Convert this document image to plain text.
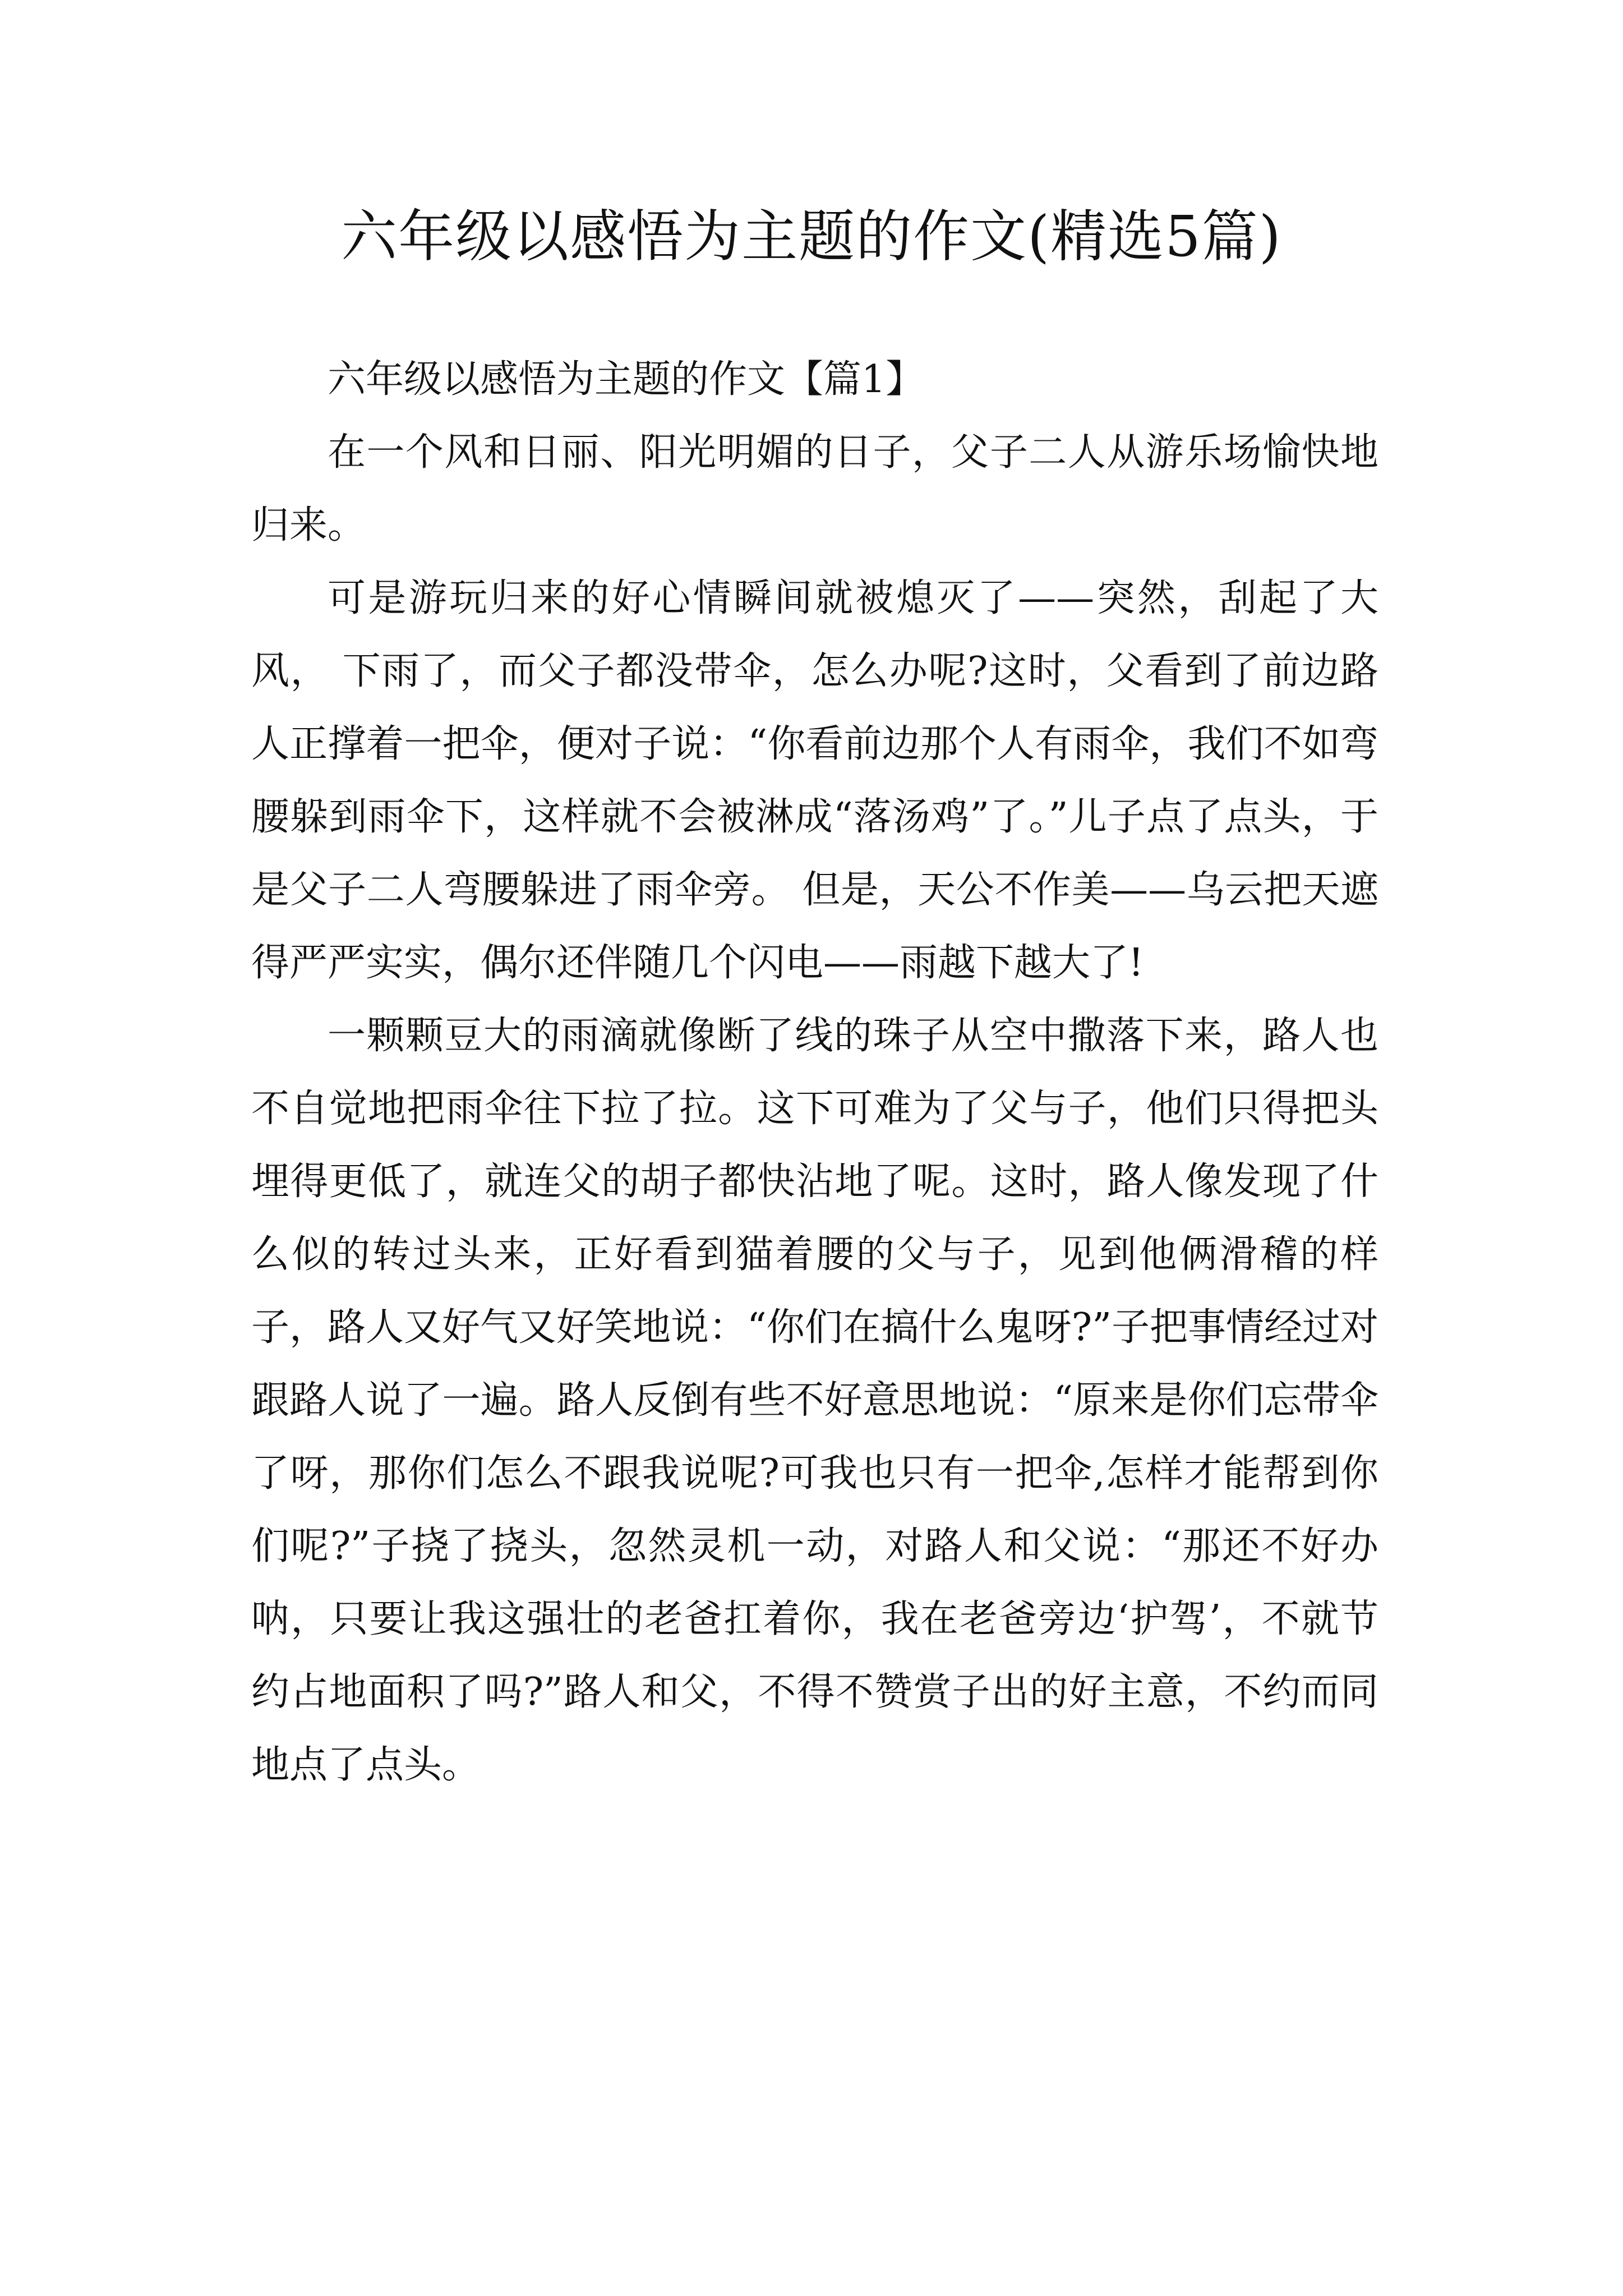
六年级以感悟为主题的作文(精选5篇)

六年级以感悟为主题的作文【篇1】

在一个风和日丽、阳光明媚的日子，父子二人从游乐场愉快地归来。

可是游玩归来的好心情瞬间就被熄灭了——突然，刮起了大风， 下雨了，而父子都没带伞，怎么办呢?这时，父看到了前边路人正撑着一把伞，便对子说：“你看前边那个人有雨伞，我们不如弯腰躲到雨伞下，这样就不会被淋成“落汤鸡”了。”儿子点了点头，于是父子二人弯腰躲进了雨伞旁。 但是，天公不作美——乌云把天遮得严严实实，偶尔还伴随几个闪电——雨越下越大了!

一颗颗豆大的雨滴就像断了线的珠子从空中撒落下来，路人也不自觉地把雨伞往下拉了拉。这下可难为了父与子，他们只得把头埋得更低了，就连父的胡子都快沾地了呢。这时，路人像发现了什么似的转过头来，正好看到猫着腰的父与子，见到他俩滑稽的样子，路人又好气又好笑地说：“你们在搞什么鬼呀?”子把事情经过对跟路人说了一遍。路人反倒有些不好意思地说：“原来是你们忘带伞了呀，那你们怎么不跟我说呢?可我也只有一把伞,怎样才能帮到你们呢?”子挠了挠头，忽然灵机一动，对路人和父说：“那还不好办呐，只要让我这强壮的老爸扛着你，我在老爸旁边‘护驾’，不就节约占地面积了吗?”路人和父，不得不赞赏子出的好主意，不约而同地点了点头。
